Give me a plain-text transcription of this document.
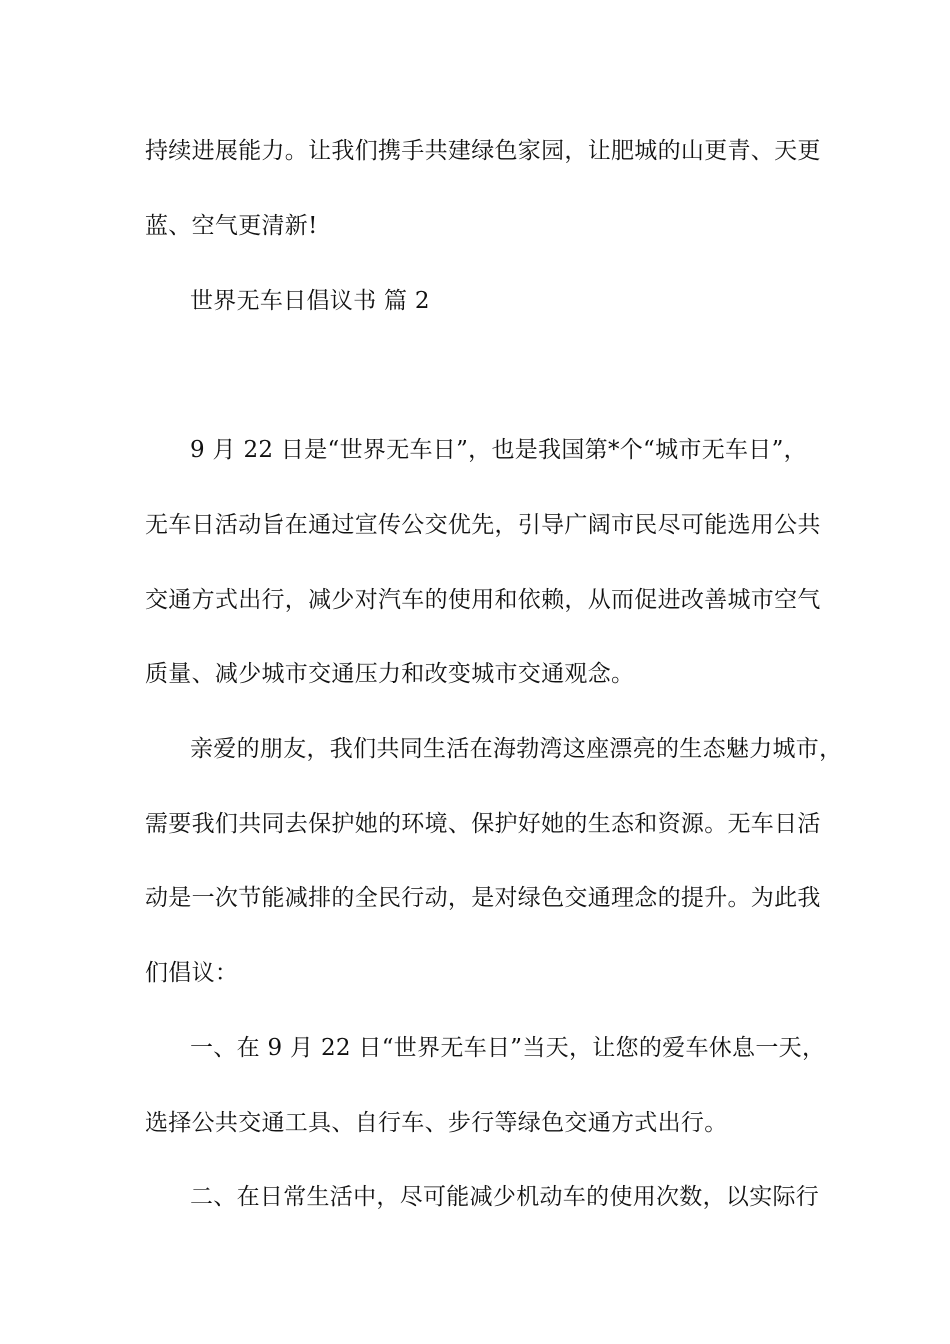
持续进展能力。让我们携手共建绿色家园，让肥城的山更青、天更
蓝、空气更清新!
世界无车日倡议书 篇 2
9 月 22 日是“世界无车日”，也是我国第*个“城市无车日”，
无车日活动旨在通过宣传公交优先，引导广阔市民尽可能选用公共
交通方式出行，减少对汽车的使用和依赖，从而促进改善城市空气
质量、减少城市交通压力和改变城市交通观念。
亲爱的朋友，我们共同生活在海勃湾这座漂亮的生态魅力城市，
需要我们共同去保护她的环境、保护好她的生态和资源。无车日活
动是一次节能减排的全民行动，是对绿色交通理念的提升。为此我
们倡议：
一、在 9 月 22 日“世界无车日”当天，让您的爱车休息一天，
选择公共交通工具、自行车、步行等绿色交通方式出行。
二、在日常生活中，尽可能减少机动车的使用次数，以实际行
